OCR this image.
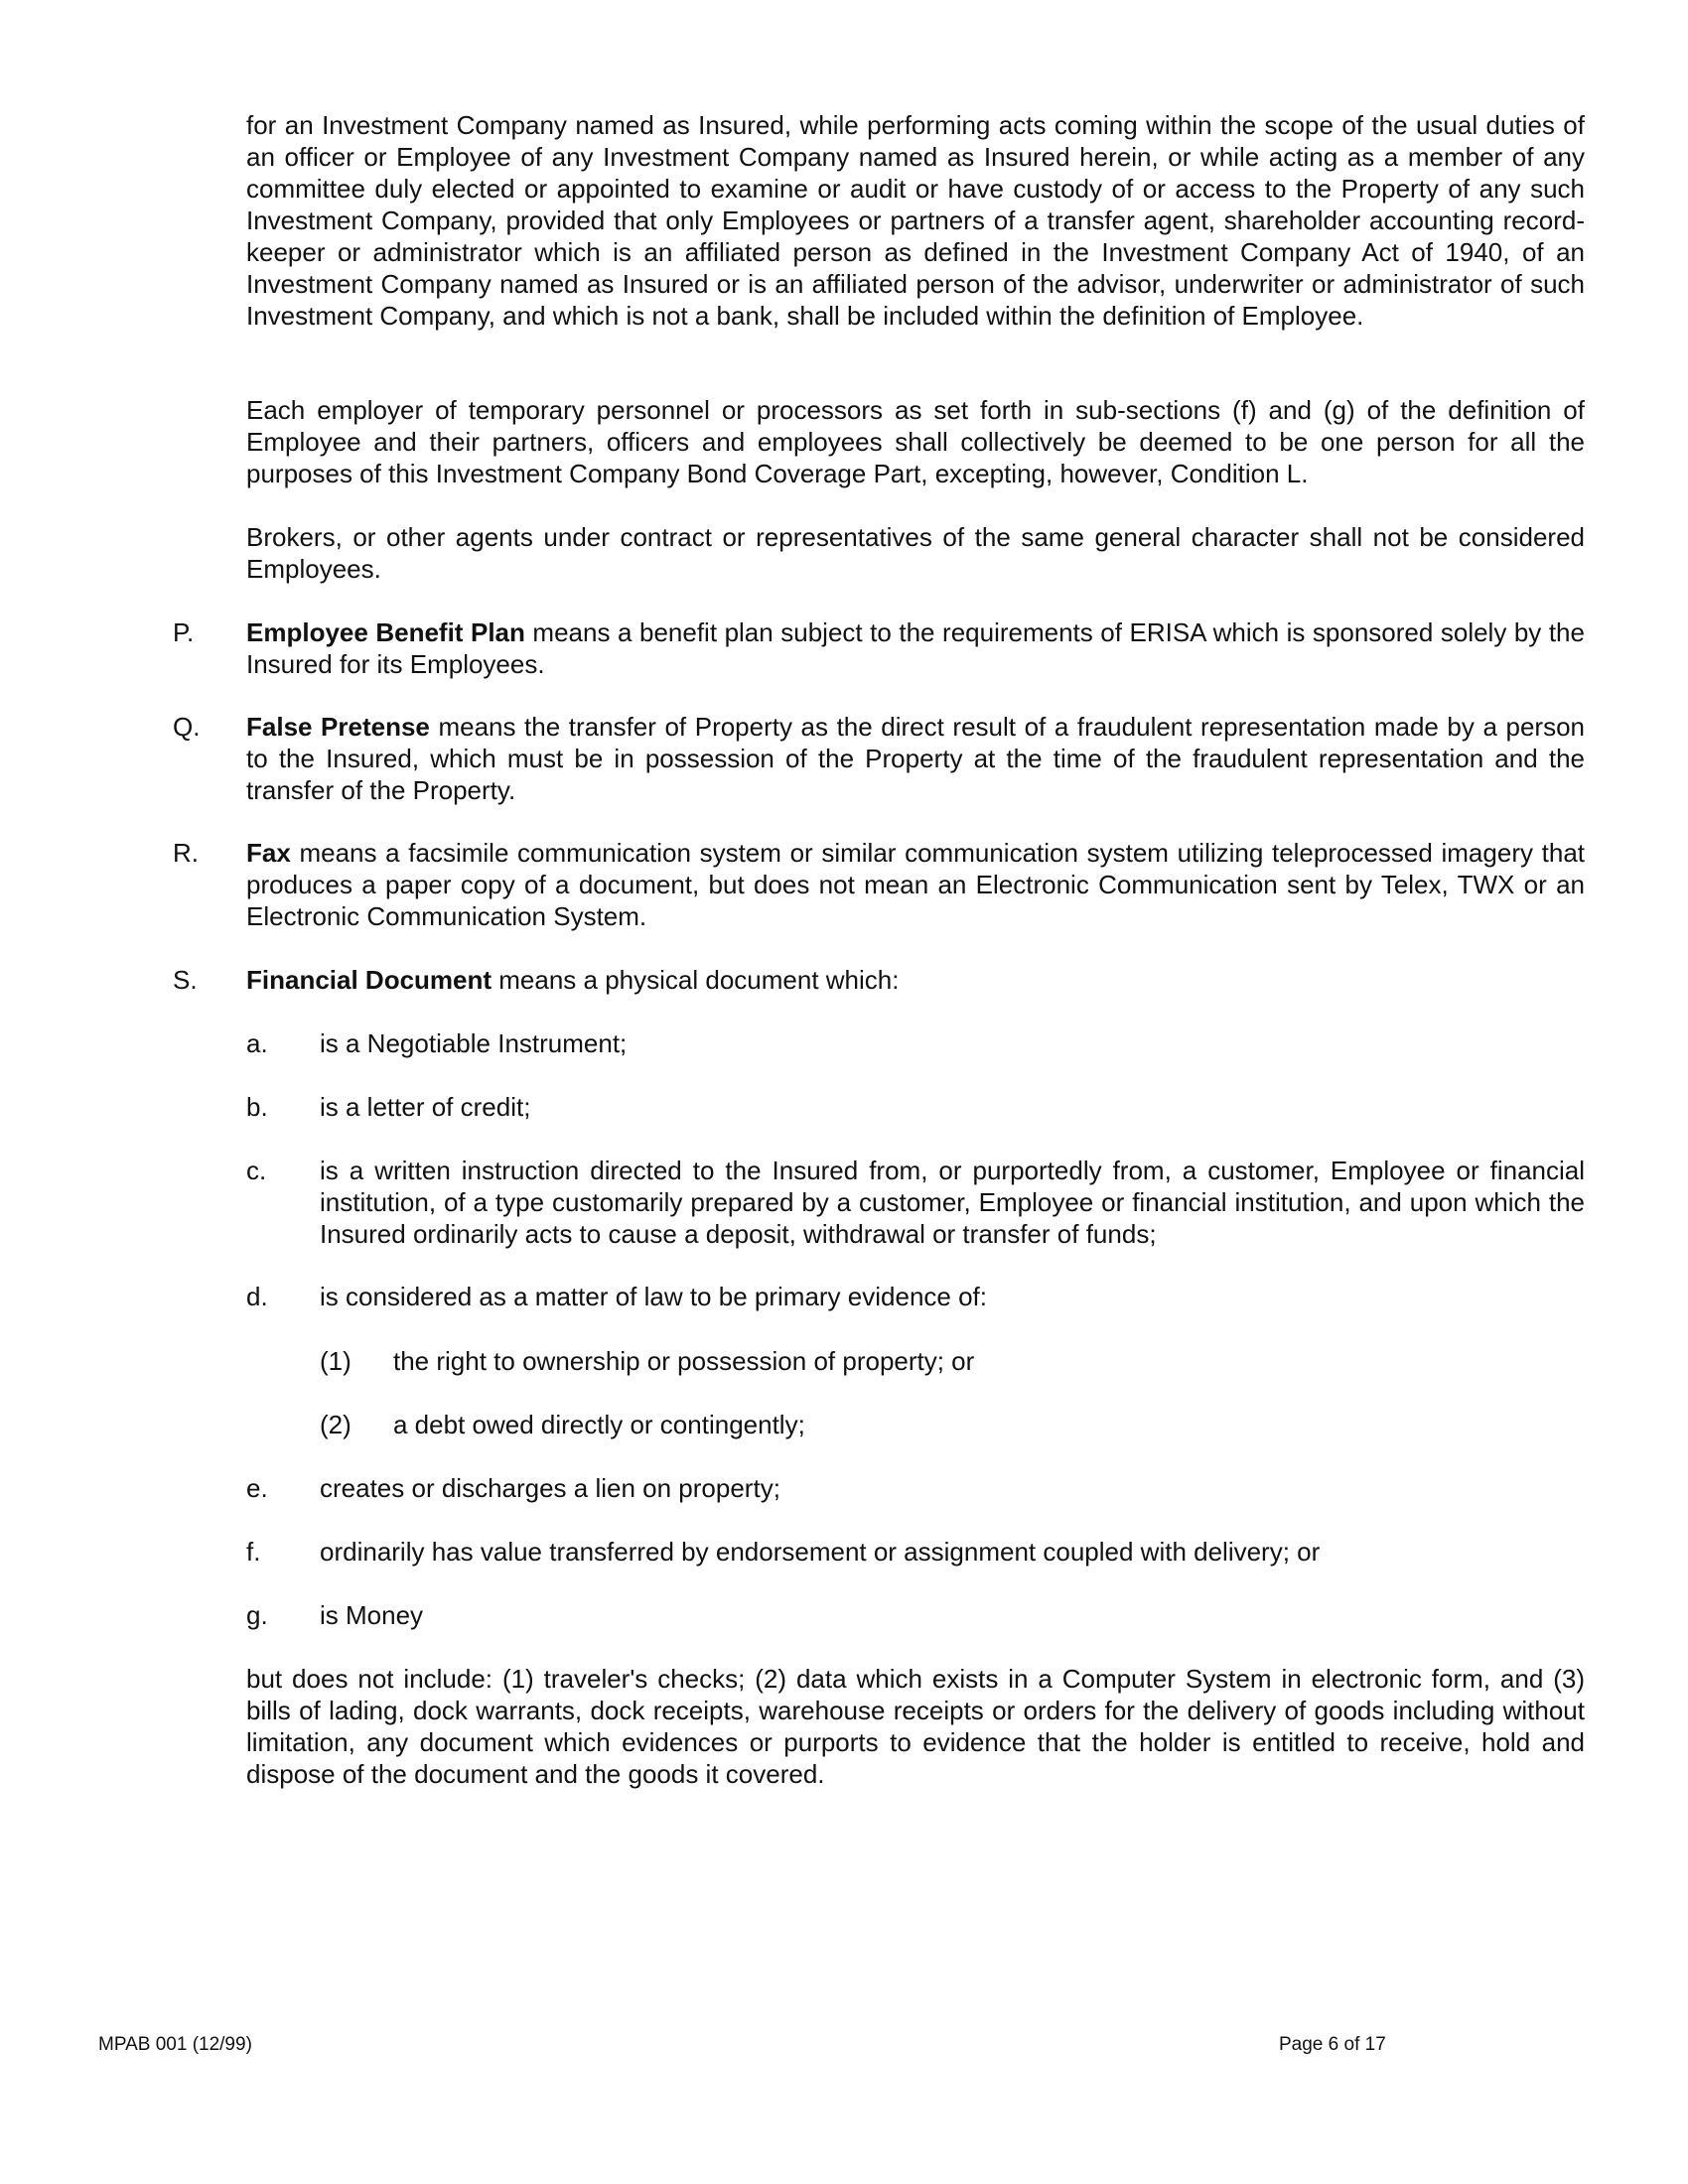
for an Investment Company named as Insured, while performing acts coming within the scope of the usual duties of an officer or Employee of any Investment Company named as Insured herein, or while acting as a member of any committee duly elected or appointed to examine or audit or have custody of or access to the Property of any such Investment Company, provided that only Employees or partners of a transfer agent, shareholder accounting record-keeper or administrator which is an affiliated person as defined in the Investment Company Act of 1940, of an Investment Company named as Insured or is an affiliated person of the advisor, underwriter or administrator of such Investment Company, and which is not a bank, shall be included within the definition of Employee.

Each employer of temporary personnel or processors as set forth in sub-sections (f) and (g) of the definition of Employee and their partners, officers and employees shall collectively be deemed to be one person for all the purposes of this Investment Company Bond Coverage Part, excepting, however, Condition L.

Brokers, or other agents under contract or representatives of the same general character shall not be considered Employees.

P. Employee Benefit Plan means a benefit plan subject to the requirements of ERISA which is sponsored solely by the Insured for its Employees.

Q. False Pretense means the transfer of Property as the direct result of a fraudulent representation made by a person to the Insured, which must be in possession of the Property at the time of the fraudulent representation and the transfer of the Property.

R. Fax means a facsimile communication system or similar communication system utilizing teleprocessed imagery that produces a paper copy of a document, but does not mean an Electronic Communication sent by Telex, TWX or an Electronic Communication System.

S. Financial Document means a physical document which:

a. is a Negotiable Instrument;

b. is a letter of credit;

c. is a written instruction directed to the Insured from, or purportedly from, a customer, Employee or financial institution, of a type customarily prepared by a customer, Employee or financial institution, and upon which the Insured ordinarily acts to cause a deposit, withdrawal or transfer of funds;

d. is considered as a matter of law to be primary evidence of:

(1) the right to ownership or possession of property; or

(2) a debt owed directly or contingently;

e. creates or discharges a lien on property;

f. ordinarily has value transferred by endorsement or assignment coupled with delivery; or

g. is Money

but does not include: (1) traveler's checks; (2) data which exists in a Computer System in electronic form, and (3) bills of lading, dock warrants, dock receipts, warehouse receipts or orders for the delivery of goods including without limitation, any document which evidences or purports to evidence that the holder is entitled to receive, hold and dispose of the document and the goods it covered.

MPAB 001 (12/99)	Page 6 of 17
